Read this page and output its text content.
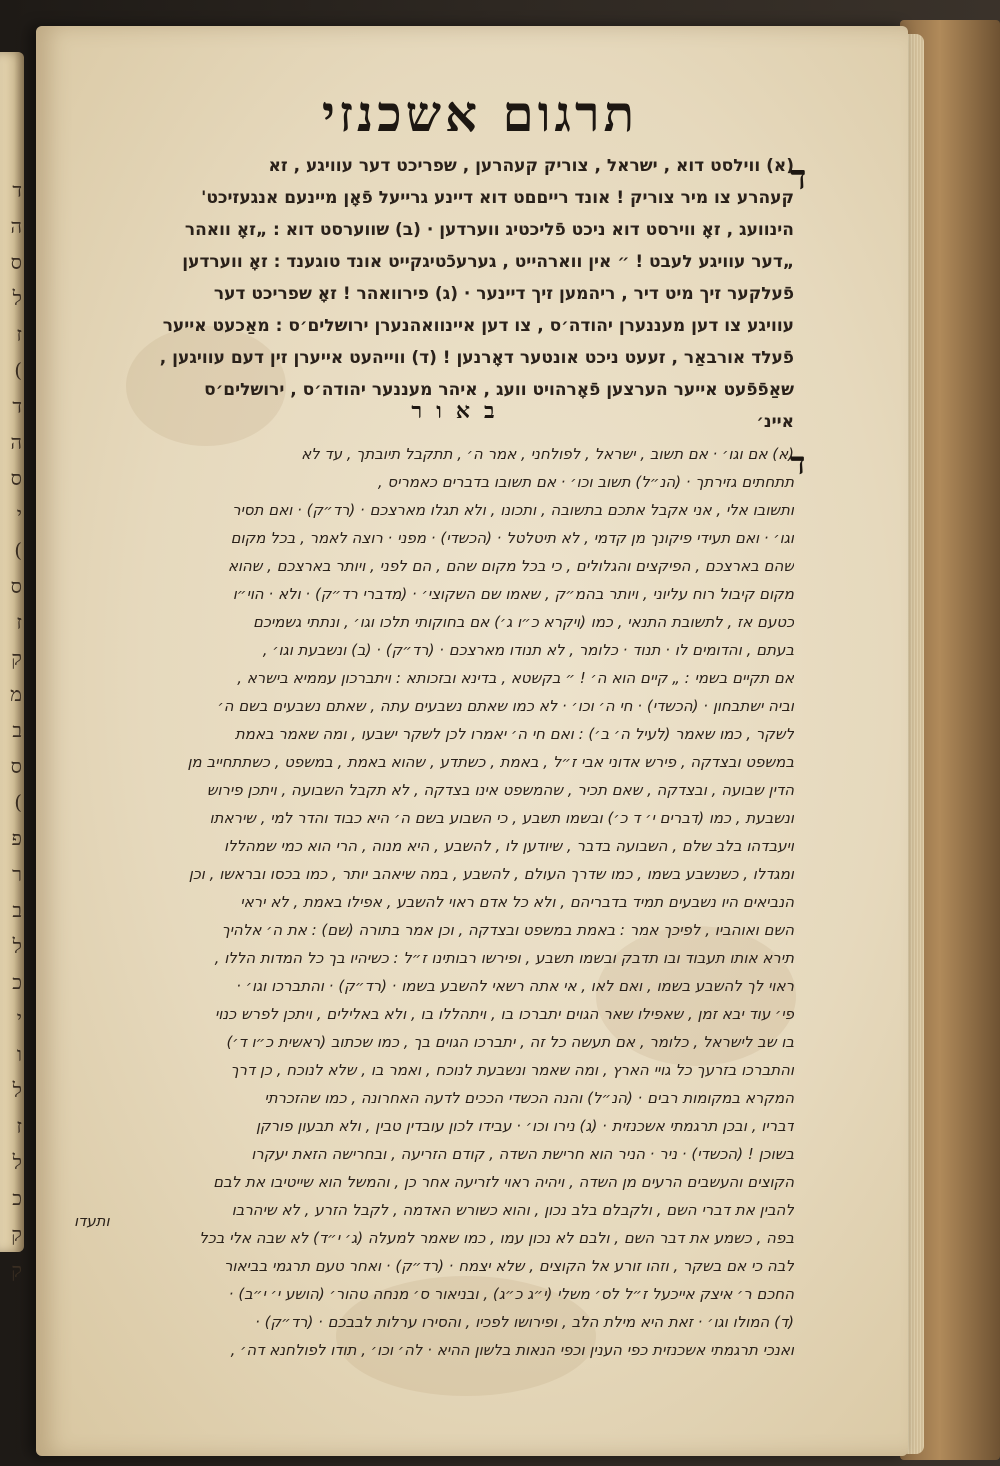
ד
ה
ס
ל
ז
(
ד
ה
ס
י
(
ס
ז
ק
מ
ב
ס
(
פ
ר
ב
ל
כ
י
ו
ל
ז
ל
כ
ק
ק
תרגום אשכנזי
ד
(א) ווילסט דוא , ישראל , צוריק קעהרען , שפריכט דער עוויגע , זא
קעהרע צו מיר צוריק ! אונד רייםםט דוא דיינע גרייעל פֿאָן מיינעם אנגעזיכט'
הינוועג , זאָ ווירסט דוא ניכט פֿליכטיג ווערדען · (ב) שווערסט דוא : „זאָ וואהר
„דער עוויגע לעבט ! ״ אין ווארהייט , גערעכֿטיגקייט אונד טוגענד : זאָ ווערדען
פֿעלקער זיך מיט דיר , ריהמען זיך דיינער · (ג) פירוואהר ! זאָ שפריכט דער
עוויגע צו דען מעננערן יהודה׳ס , צו דען איינוואהנערן ירושלים׳ס : מאַכעט אייער
פֿעלד אורבאַר , זעעט ניכט אונטער דאָרנען ! (ד) ווייהעט אייערן זין דעם עוויגען ,
שאַפֿפֿעט אייער הערצען פֿאָרהויט וועג , איהר מעננער יהודה׳ס , ירושלים׳ס
איינ׳
באור
ד
(א) אם וגו׳ · אם תשוב , ישראל , לפולחני , אמר ה׳ , תתקבל תיובתך , עד לא
תתחתים גזירתך · (הנ״ל) תשוב וכו׳ · אם תשובו בדברים כאמריס ,
ותשובו אלי , אני אקבל אתכם בתשובה , ותכונו , ולא תגלו מארצכם · (רד״ק) · ואם תסיר
וגו׳ · ואם תעידי פיקונך מן קדמי , לא תיטלטל · (הכשדי) · מפני · רוצה לאמר , בכל מקום
שהם בארצכם , הפיקצים והגלולים , כי בכל מקום שהם , הם לפני , ויותר בארצכם , שהוא
מקום קיבול רוח עליוני , ויותר בהמ״ק , שאמו שם השקוצי׳ · (מדברי רד״ק) · ולא · הוי״ו
כטעם אז , לתשובת התנאי , כמו (ויקרא כ״ו ג׳) אם בחוקותי תלכו וגו׳ , ונתתי גשמיכם
בעתם , והדומים לו · תנוד · כלומר , לא תנודו מארצכם · (רד״ק) · (ב) ונשבעת וגו׳ ,
אם תקיים בשמי : „ קיים הוא ה׳ ! ״ בקשטא , בדינא ובזכותא : ויתברכון עממיא בישרא ,
וביה ישתבחון · (הכשדי) · חי ה׳ וכו׳ · לא כמו שאתם נשבעים עתה , שאתם נשבעים בשם ה׳
לשקר , כמו שאמר (לעיל ה׳ ב׳) : ואם חי ה׳ יאמרו לכן לשקר ישבעו , ומה שאמר באמת
במשפט ובצדקה , פירש אדוני אבי ז״ל , באמת , כשתדע , שהוא באמת , במשפט , כשתתחייב מן
הדין שבועה , ובצדקה , שאם תכיר , שהמשפט אינו בצדקה , לא תקבל השבועה , ויתכן פירוש
ונשבעת , כמו (דברים י׳ ד כ׳) ובשמו תשבע , כי השבוע בשם ה׳ היא כבוד והדר למי , שיראתו
ויעבדהו בלב שלם , השבועה בדבר , שיודען לו , להשבע , היא מנוה , הרי הוא כמי שמהללו
ומגדלו , כשנשבע בשמו , כמו שדרך העולם , להשבע , במה שיאהב יותר , כמו בכסו ובראשו , וכן
הנביאים היו נשבעים תמיד בדבריהם , ולא כל אדם ראוי להשבע , אפילו באמת , לא יראי
השם ואוהביו , לפיכך אמר : באמת במשפט ובצדקה , וכן אמר בתורה (שם) : את ה׳ אלהיך
תירא אותו תעבוד ובו תדבק ובשמו תשבע , ופירשו רבותינו ז״ל : כשיהיו בך כל המדות הללו ,
ראוי לך להשבע בשמו , ואם לאו , אי אתה רשאי להשבע בשמו · (רד״ק) · והתברכו וגו׳ ·
פי׳ עוד יבא זמן , שאפילו שאר הגוים יתברכו בו , ויתהללו בו , ולא באלילים , ויתכן לפרש כנוי
בו שב לישראל , כלומר , אם תעשה כל זה , יתברכו הגוים בך , כמו שכתוב (ראשית כ״ו ד׳)
והתברכו בזרעך כל גויי הארץ , ומה שאמר ונשבעת לנוכח , ואמר בו , שלא לנוכח , כן דרך
המקרא במקומות רבים · (הנ״ל) והנה הכשדי הככים לדעה האחרונה , כמו שהזכרתי
דבריו , ובכן תרגמתי אשכנזית · (ג) נירו וכו׳ · עבידו לכון עובדין טבין , ולא תבעון פורקן
בשוכן ! (הכשדי) · ניר · הניר הוא חרישת השדה , קודם הזריעה , ובחרישה הזאת יעקרו
הקוצים והעשבים הרעים מן השדה , ויהיה ראוי לזריעה אחר כן , והמשל הוא שייטיבו את לבם
להבין את דברי השם , ולקבלם בלב נכון , והוא כשורש האדמה , לקבל הזרע , לא שיהרבו
בפה , כשמע את דבר השם , ולבם לא נכון עמו , כמו שאמר למעלה (ג׳ י״ד) לא שבה אלי בכל
לבה כי אם בשקר , וזהו זורע אל הקוצים , שלא יצמח · (רד״ק) · ואחר טעם תרגמי בביאור
החכם ר׳ איצק אייכעל ז״ל לס׳ משלי (י״ג כ״ג) , ובניאור ס׳ מנחה טהור׳ (הושע י׳ י״ב) ·
(ד) המולו וגו׳ · זאת היא מילת הלב , ופירושו לפכיו , והסירו ערלות לבבכם · (רד״ק) ·
ואנכי תרגמתי אשכנזית כפי הענין וכפי הנאות בלשון ההיא · לה׳ וכו׳ , תודו לפולחנא דה׳ ,
ותעדו
